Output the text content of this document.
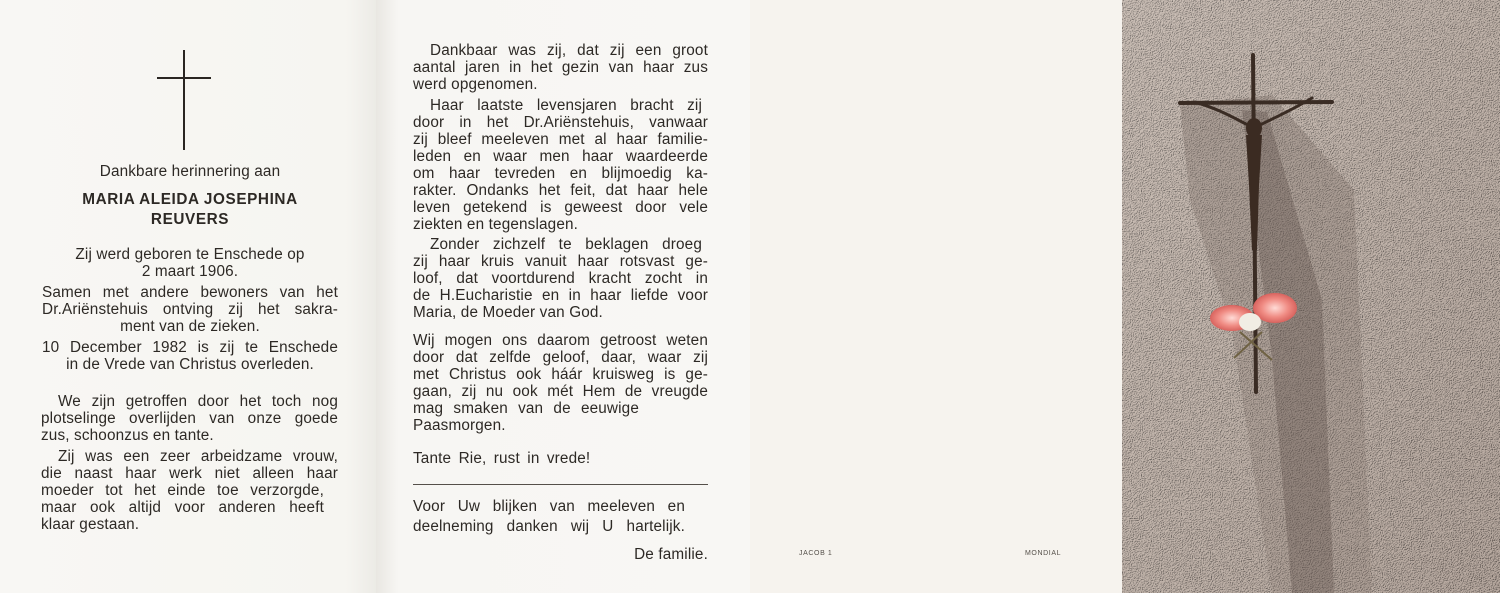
Dankbare herinnering aan
MARIA ALEIDA JOSEPHINA
REUVERS
Zij werd geboren te Enschede op
2 maart 1906.
Samen met andere bewoners van het
Dr.Ariënstehuis ontving zij het sakra-
ment van de zieken.
10 December 1982 is zij te Enschede
in de Vrede van Christus overleden.
We zijn getroffen door het toch nog
plotselinge overlijden van onze goede
zus, schoonzus en tante.
Zij was een zeer arbeidzame vrouw,
die naast haar werk niet alleen haar
moeder tot het einde toe verzorgde,
maar ook altijd voor anderen heeft
klaar gestaan.
Dankbaar was zij, dat zij een groot
aantal jaren in het gezin van haar zus
werd opgenomen.
Haar laatste levensjaren bracht zij
door in het Dr.Ariënstehuis, vanwaar
zij bleef meeleven met al haar familie-
leden en waar men haar waardeerde
om haar tevreden en blijmoedig ka-
rakter. Ondanks het feit, dat haar hele
leven getekend is geweest door vele
ziekten en tegenslagen.
Zonder zichzelf te beklagen droeg
zij haar kruis vanuit haar rotsvast ge-
loof, dat voortdurend kracht zocht in
de H.Eucharistie en in haar liefde voor
Maria, de Moeder van God.
Wij mogen ons daarom getroost weten
door dat zelfde geloof, daar, waar zij
met Christus ook háár kruisweg is ge-
gaan, zij nu ook mét Hem de vreugde
mag smaken van de eeuwige
Paasmorgen.
Tante Rie, rust in vrede!
Voor Uw blijken van meeleven en
deelneming danken wij U hartelijk.
De familie.	JACOB 1	MONDIAL
